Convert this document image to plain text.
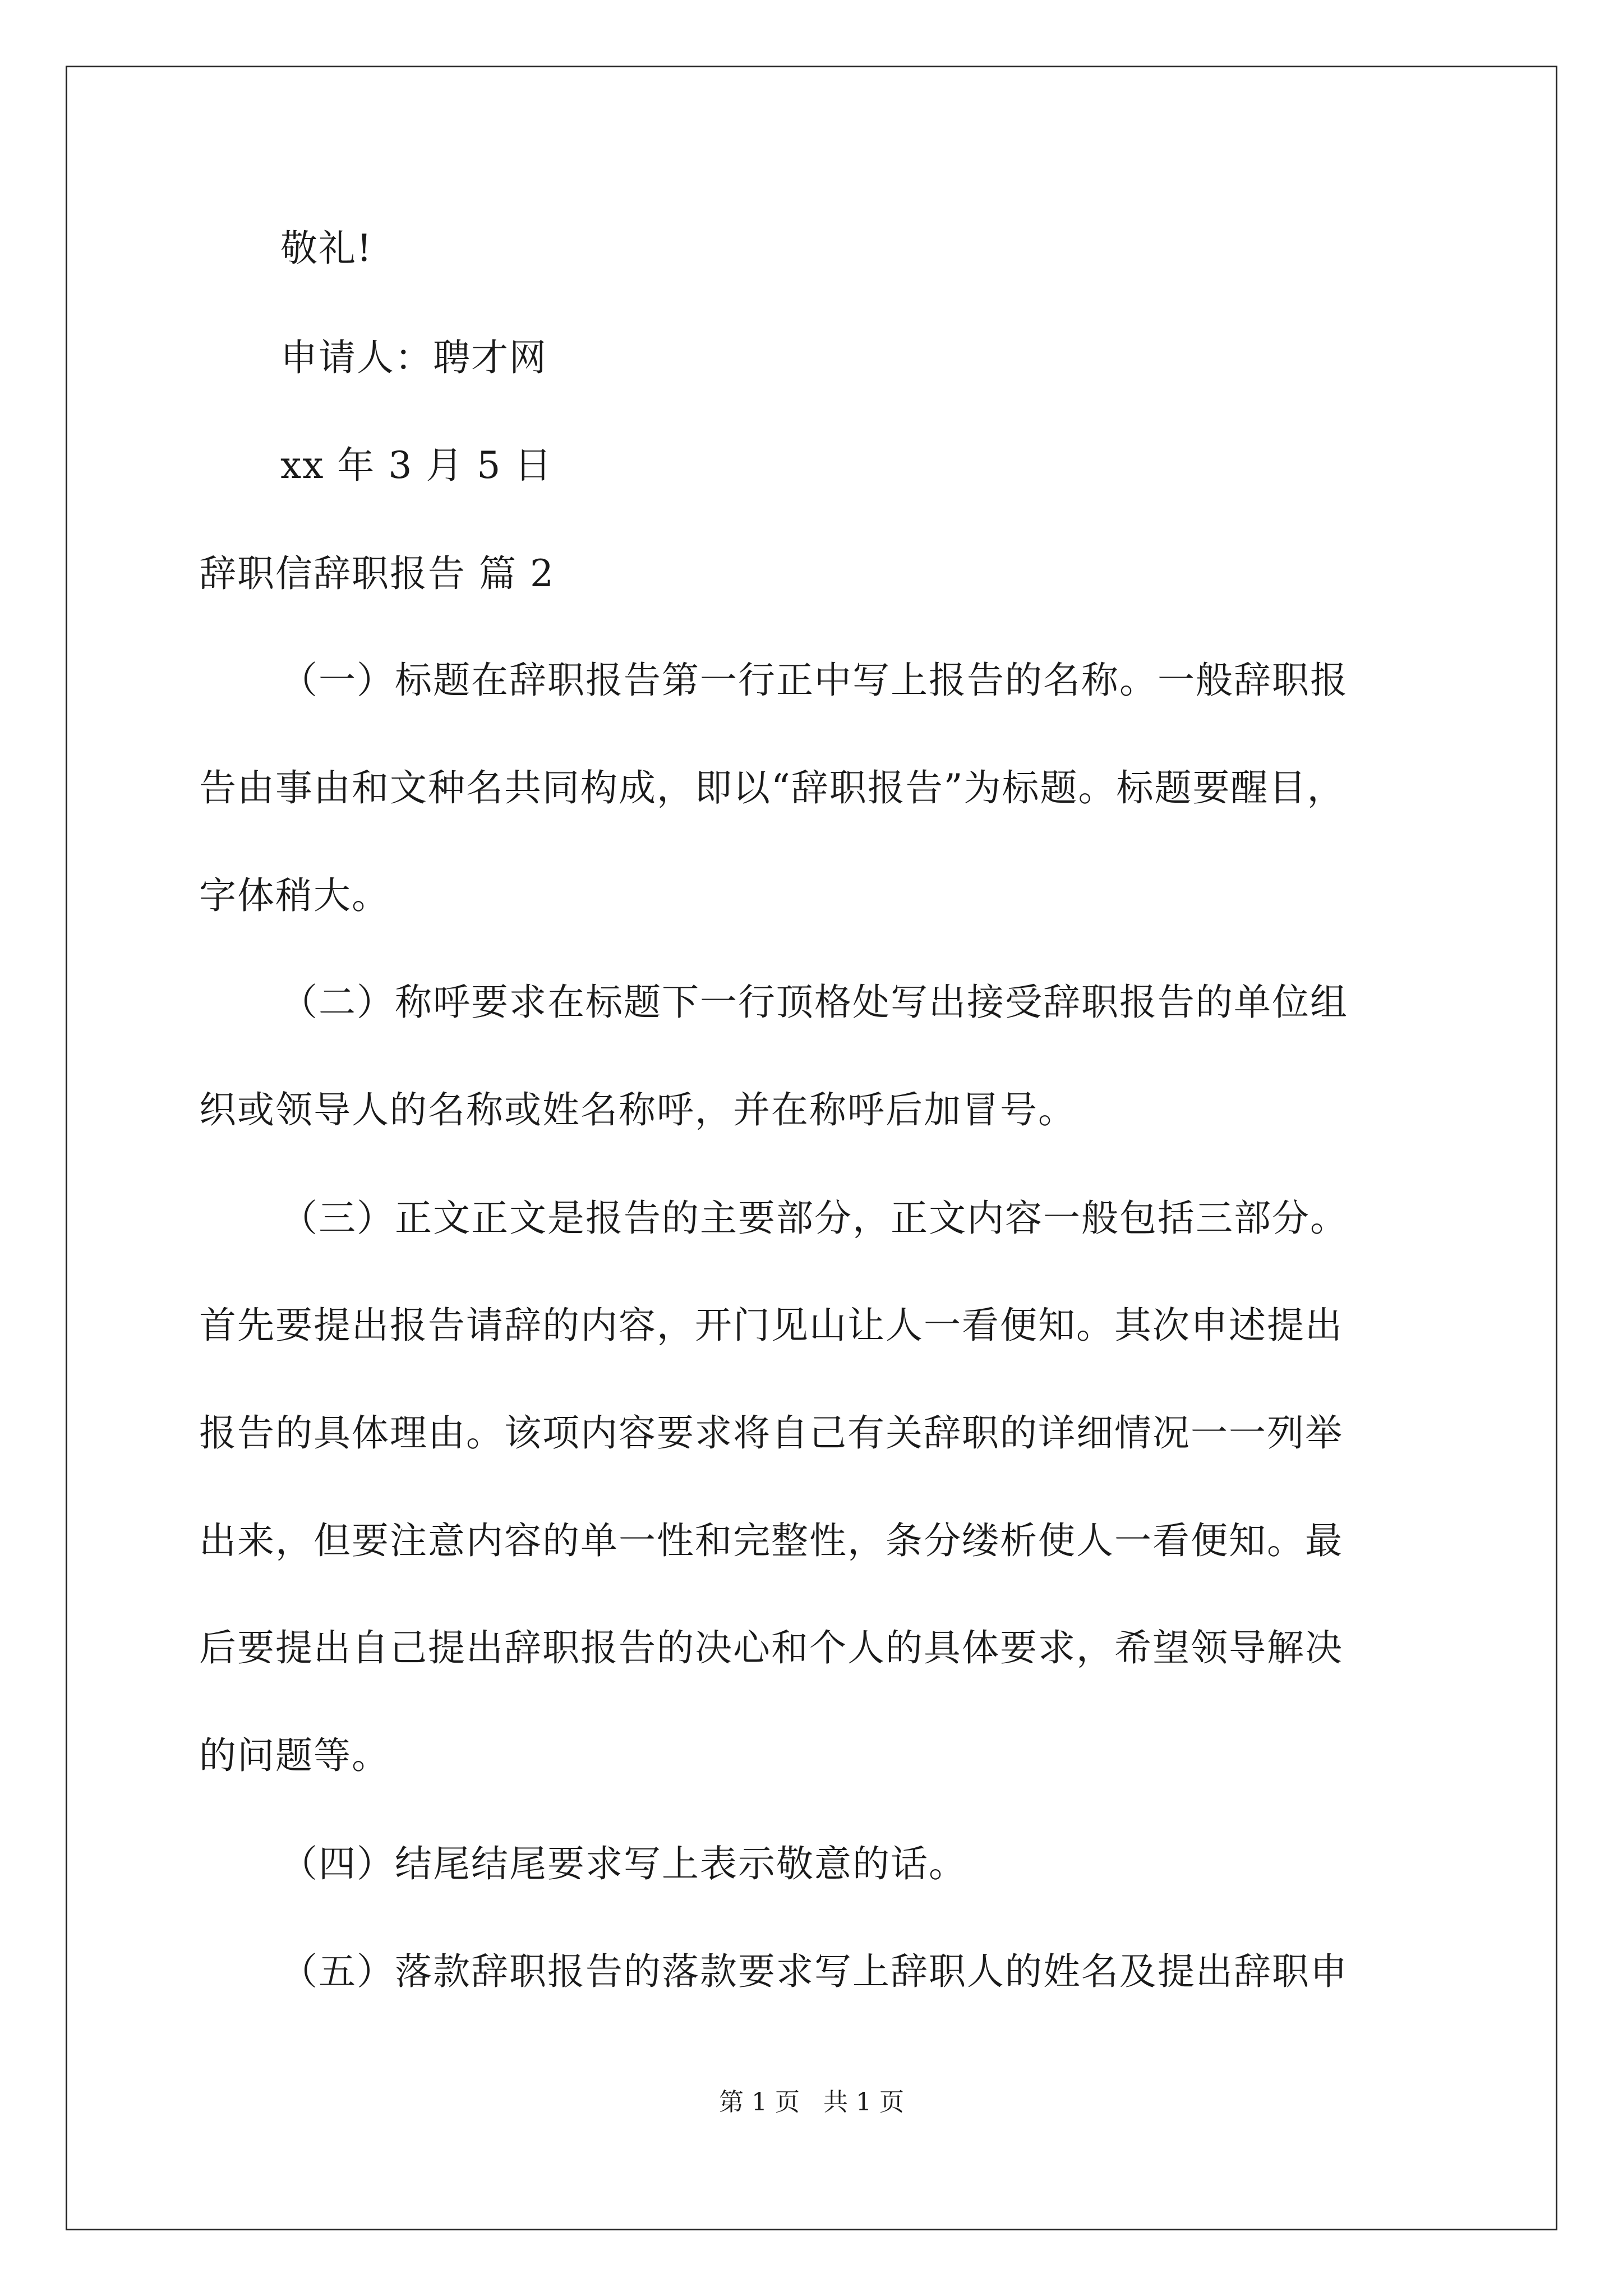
敬礼!
申请人：聘才网
xx 年 3 月 5 日
辞职信辞职报告 篇 2
（一）标题在辞职报告第一行正中写上报告的名称。一般辞职报
告由事由和文种名共同构成，即以“辞职报告”为标题。标题要醒目，
字体稍大。
（二）称呼要求在标题下一行顶格处写出接受辞职报告的单位组
织或领导人的名称或姓名称呼，并在称呼后加冒号。
（三）正文正文是报告的主要部分，正文内容一般包括三部分。
首先要提出报告请辞的内容，开门见山让人一看便知。其次申述提出
报告的具体理由。该项内容要求将自己有关辞职的详细情况一一列举
出来，但要注意内容的单一性和完整性，条分缕析使人一看便知。最
后要提出自己提出辞职报告的决心和个人的具体要求，希望领导解决
的问题等。
（四）结尾结尾要求写上表示敬意的话。
（五）落款辞职报告的落款要求写上辞职人的姓名及提出辞职申
第 1 页   共 1 页
